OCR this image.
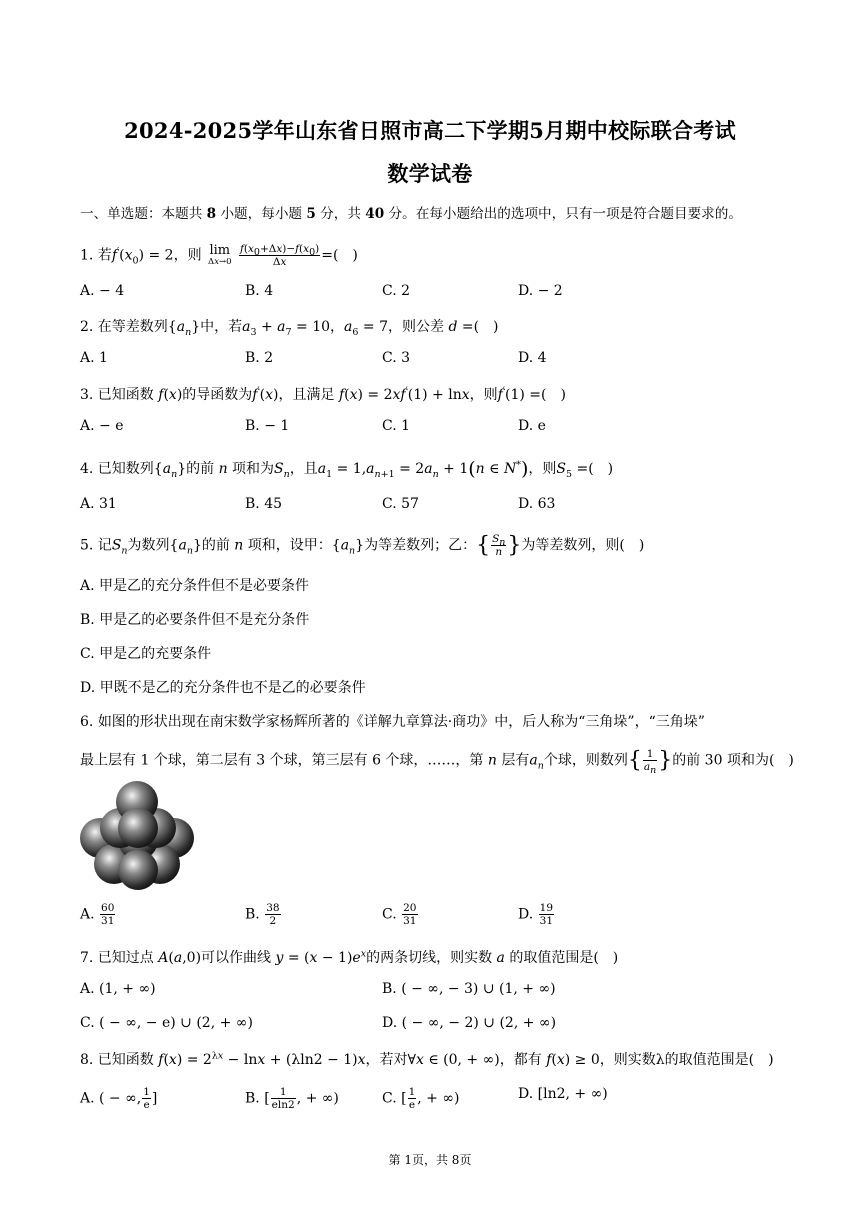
2024-2025学年山东省日照市高二下学期5月期中校际联合考试
数学试卷
一、单选题：本题共 8 小题，每小题 5 分，共 40 分。在每小题给出的选项中，只有一项是符合题目要求的。
1. 若$f'(x_0) = 2$，则 lim
Δx→0
$\frac{f(x_0+\Delta x)-f(x_0)}{\Delta x}$ =(　)
A. − 4	B. 4	C. 2	D. − 2
2. 在等差数列$\{a_n\}$中，若$a_3 + a_7 = 10$，$a_6 = 7$，则公差 d =(　)
A. 1	B. 2	C. 3	D. 4
3. 已知函数 f(x)的导函数为f′(x)，且满足 f(x) = 2xf′(1) + lnx，则f′(1) =(　)
A. − e	B. − 1	C. 1	D. e
4. 已知数列$\{a_n\}$的前 n 项和为$S_n$，且$a_1 = 1,a_{n+1} = 2a_n + 1(n$ ∈ N*)，则$S_5$ =(　)
A. 31	B. 45	C. 57	D. 63
5. 记$S_n$为数列$\{a_n\}$的前 n 项和，设甲：$\{a_n\}$为等差数列；乙：{ $\frac{S_n}{n}$ }为等差数列，则(　)
A. 甲是乙的充分条件但不是必要条件
B. 甲是乙的必要条件但不是充分条件
C. 甲是乙的充要条件
D. 甲既不是乙的充分条件也不是乙的必要条件
6. 如图的形状出现在南宋数学家杨辉所著的《详解九章算法·商功》中，后人称为“三角垛”，“三角垛”
最上层有 1 个球，第二层有 3 个球，第三层有 6 个球，……，第 n 层有$a_n$个球，则数列{ $\frac{1}{a_n}$ }的前 30 项和为(　)
A. $\frac{60}{31}$	B. $\frac{38}{2}$	C. $\frac{20}{31}$	D. $\frac{19}{31}$
7. 已知过点 A(a,0)可以作曲线 $y = (x - 1)e^x$的两条切线，则实数 a 的取值范围是(　)
A. (1, + ∞)	B. ( − ∞, − 3) ∪ (1, + ∞)
C. ( − ∞, − e) ∪ (2, + ∞)	D. ( − ∞, − 2) ∪ (2, + ∞)
8. 已知函数 $f(x) = 2^{\lambda x} - \ln x + (\lambda\ln 2 - 1)x$，若对∀x ∈ (0, + ∞)，都有 f(x) ≥ 0，则实数λ的取值范围是(　)
A. ( − ∞, $\frac{1}{e}$ ]	B. [ $\frac{1}{eln2}$ , + ∞)	C. [ $\frac{1}{e}$ , + ∞)	D. [ln2, + ∞)
第 1页，共 8页
